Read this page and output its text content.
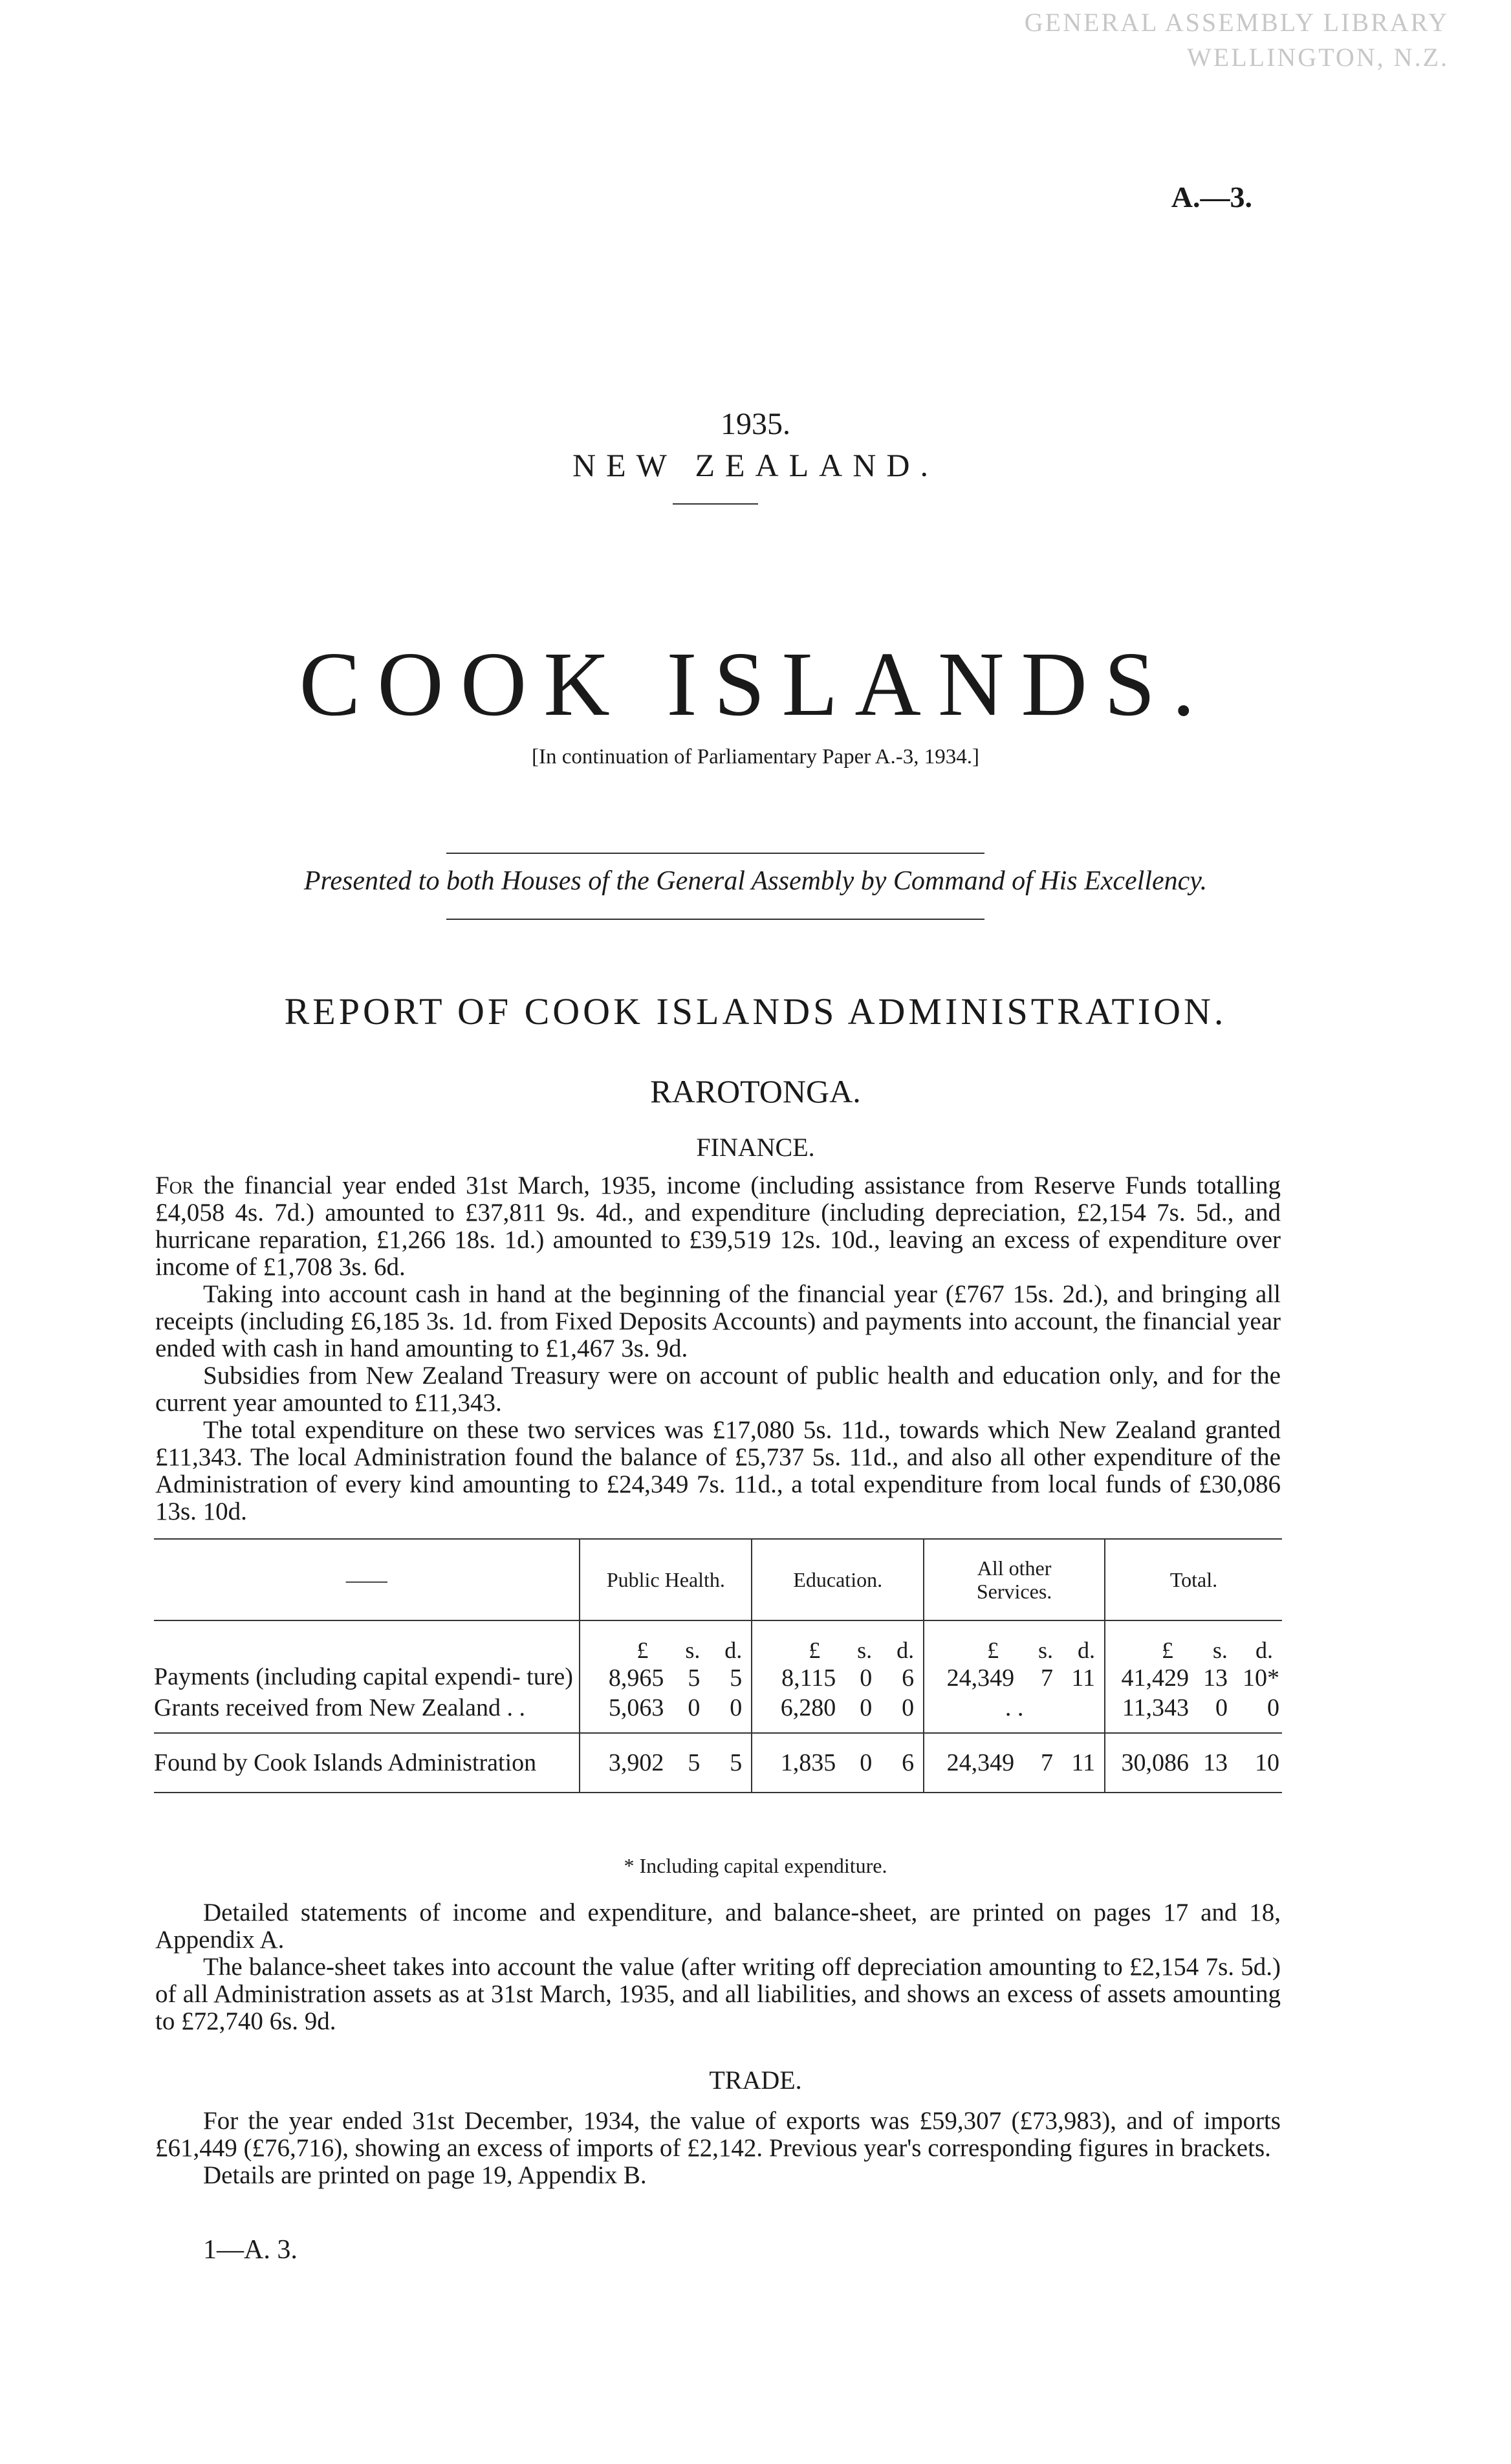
GENERAL ASSEMBLY LIBRARY
WELLINGTON, N.Z.
A.—3.
1935.
NEW ZEALAND.
COOK ISLANDS.
[In continuation of Parliamentary Paper A.-3, 1934.]
Presented to both Houses of the General Assembly by Command of His Excellency.
REPORT OF COOK ISLANDS ADMINISTRATION.
RAROTONGA.
FINANCE.

For the financial year ended 31st March, 1935, income (including assistance from Reserve Funds totalling £4,058 4s. 7d.) amounted to £37,811 9s. 4d., and expenditure (including depreciation, £2,154 7s. 5d., and hurricane reparation, £1,266 18s. 1d.) amounted to £39,519 12s. 10d., leaving an excess of expenditure over income of £1,708 3s. 6d.

Taking into account cash in hand at the beginning of the financial year (£767 15s. 2d.), and bringing all receipts (including £6,185 3s. 1d. from Fixed Deposits Accounts) and payments into account, the financial year ended with cash in hand amounting to £1,467 3s. 9d.

Subsidies from New Zealand Treasury were on account of public health and education only, and for the current year amounted to £11,343.

The total expenditure on these two services was £17,080 5s. 11d., towards which New Zealand granted £11,343. The local Administration found the balance of £5,737 5s. 11d., and also all other expenditure of the Administration of every kind amounting to £24,349 7s. 11d., a total expenditure from local funds of £30,086 13s. 10d.

——	Public Health.			Education.			All other Services.			Total.		
	£	s.	d.	£	s.	d.	£	s.	d.	£	s.	d.
Payments (including capital expendi- ture)	8,965	5	5	8,115	0	6	24,349	7	11	41,429	13	10*
Grants received from New Zealand . .	5,063	0	0	6,280	0	0	. .			11,343	0	0

Found by Cook Islands Administration	3,902	5	5	1,835	0	6	24,349	7	11	30,086	13	10
* Including capital expenditure.

Detailed statements of income and expenditure, and balance-sheet, are printed on pages 17 and 18, Appendix A.

The balance-sheet takes into account the value (after writing off depreciation amounting to £2,154 7s. 5d.) of all Administration assets as at 31st March, 1935, and all liabilities, and shows an excess of assets amounting to £72,740 6s. 9d.

TRADE.

For the year ended 31st December, 1934, the value of exports was £59,307 (£73,983), and of imports £61,449 (£76,716), showing an excess of imports of £2,142. Previous year's corresponding figures in brackets.

Details are printed on page 19, Appendix B.

1—A. 3.
